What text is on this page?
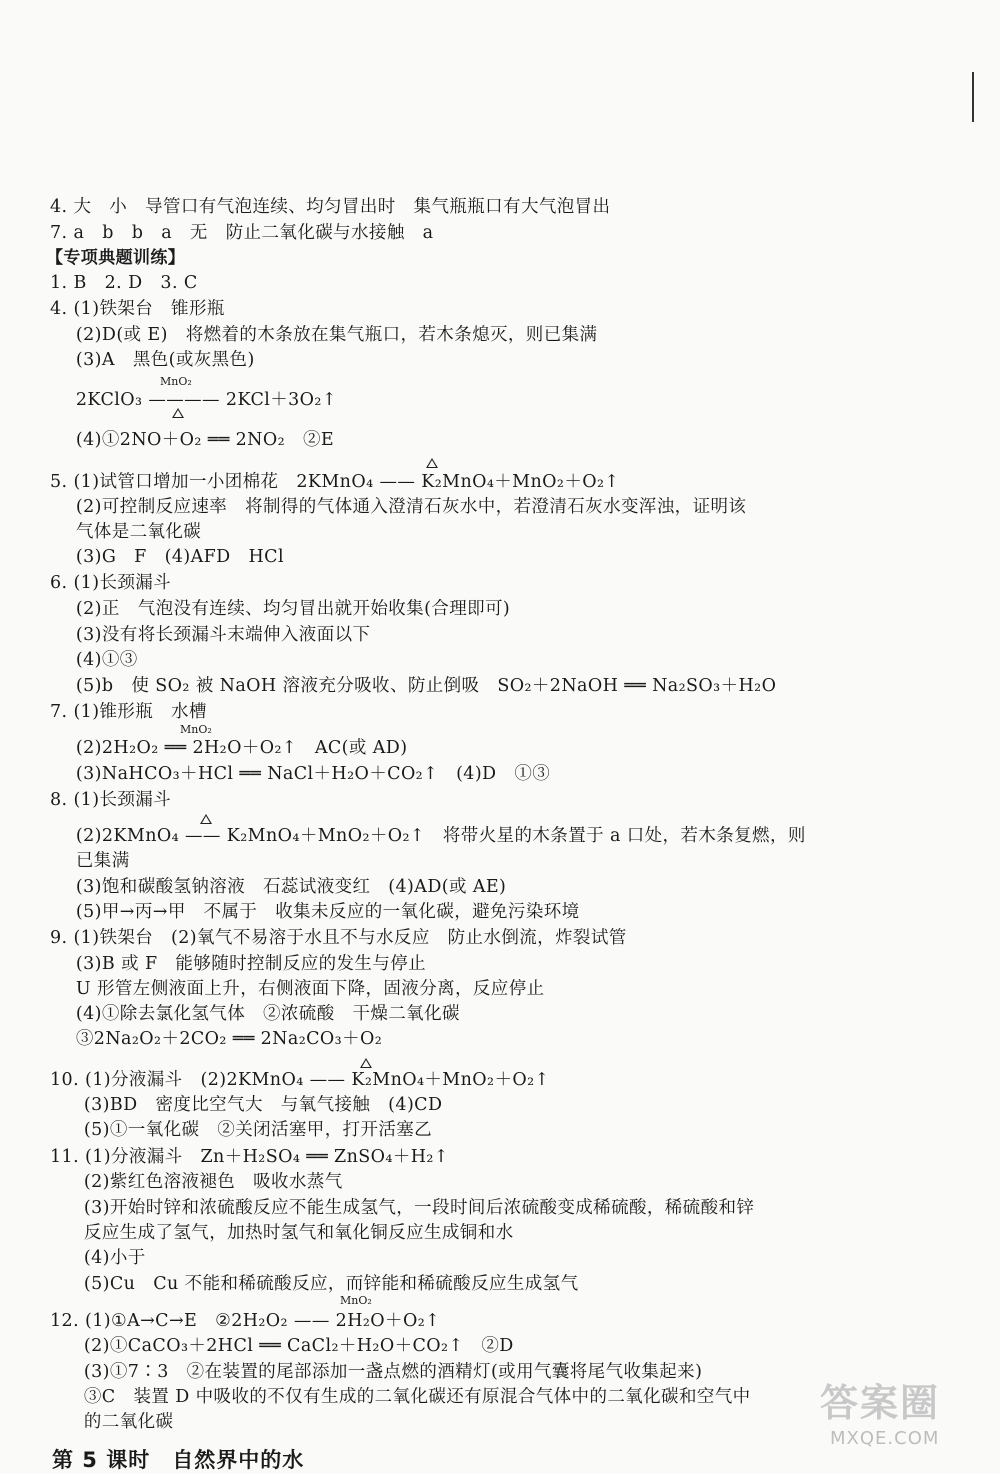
4. 大　小　导管口有气泡连续、均匀冒出时　集气瓶瓶口有大气泡冒出
7. a　b　b　a　无　防止二氧化碳与水接触　a
【专项典题训练】
1. B　2. D　3. C
4. (1)铁架台　锥形瓶
　(2)D(或 E)　将燃着的木条放在集气瓶口，若木条熄灭，则已集满
　(3)A　黑色(或灰黑色)
MnO₂
　2KClO₃ ———— 2KCl＋3O₂↑
　(4)①2NO＋O₂ ══ 2NO₂　②E
5. (1)试管口增加一小团棉花　2KMnO₄ —— K₂MnO₄＋MnO₂＋O₂↑
　(2)可控制反应速率　将制得的气体通入澄清石灰水中，若澄清石灰水变浑浊，证明该
　气体是二氧化碳
　(3)G　F　(4)AFD　HCl
6. (1)长颈漏斗
　(2)正　气泡没有连续、均匀冒出就开始收集(合理即可)
　(3)没有将长颈漏斗末端伸入液面以下
　(4)①③
　(5)b　使 SO₂ 被 NaOH 溶液充分吸收、防止倒吸　SO₂＋2NaOH ══ Na₂SO₃＋H₂O
7. (1)锥形瓶　水槽
MnO₂
　(2)2H₂O₂ ══ 2H₂O＋O₂↑　AC(或 AD)
　(3)NaHCO₃＋HCl ══ NaCl＋H₂O＋CO₂↑　(4)D　①③
8. (1)长颈漏斗
　(2)2KMnO₄ —— K₂MnO₄＋MnO₂＋O₂↑　将带火星的木条置于 a 口处，若木条复燃，则
　已集满
　(3)饱和碳酸氢钠溶液　石蕊试液变红　(4)AD(或 AE)
　(5)甲→丙→甲　不属于　收集未反应的一氧化碳，避免污染环境
9. (1)铁架台　(2)氧气不易溶于水且不与水反应　防止水倒流，炸裂试管
　(3)B 或 F　能够随时控制反应的发生与停止
　U 形管左侧液面上升，右侧液面下降，固液分离，反应停止
　(4)①除去氯化氢气体　②浓硫酸　干燥二氧化碳
　③2Na₂O₂＋2CO₂ ══ 2Na₂CO₃＋O₂
10. (1)分液漏斗　(2)2KMnO₄ —— K₂MnO₄＋MnO₂＋O₂↑
　(3)BD　密度比空气大　与氧气接触　(4)CD
　(5)①一氧化碳　②关闭活塞甲，打开活塞乙
11. (1)分液漏斗　Zn＋H₂SO₄ ══ ZnSO₄＋H₂↑
　(2)紫红色溶液褪色　吸收水蒸气
　(3)开始时锌和浓硫酸反应不能生成氢气，一段时间后浓硫酸变成稀硫酸，稀硫酸和锌
　反应生成了氢气，加热时氢气和氧化铜反应生成铜和水
　(4)小于
　(5)Cu　Cu 不能和稀硫酸反应，而锌能和稀硫酸反应生成氢气
MnO₂
12. (1)①A→C→E　②2H₂O₂ —— 2H₂O＋O₂↑
　(2)①CaCO₃＋2HCl ══ CaCl₂＋H₂O＋CO₂↑　②D
　(3)①7∶3　②在装置的尾部添加一盏点燃的酒精灯(或用气囊将尾气收集起来)
　③C　装置 D 中吸收的不仅有生成的二氧化碳还有原混合气体中的二氧化碳和空气中
　的二氧化碳
第 5 课时　自然界中的水
答案圈
MXQE.COM
